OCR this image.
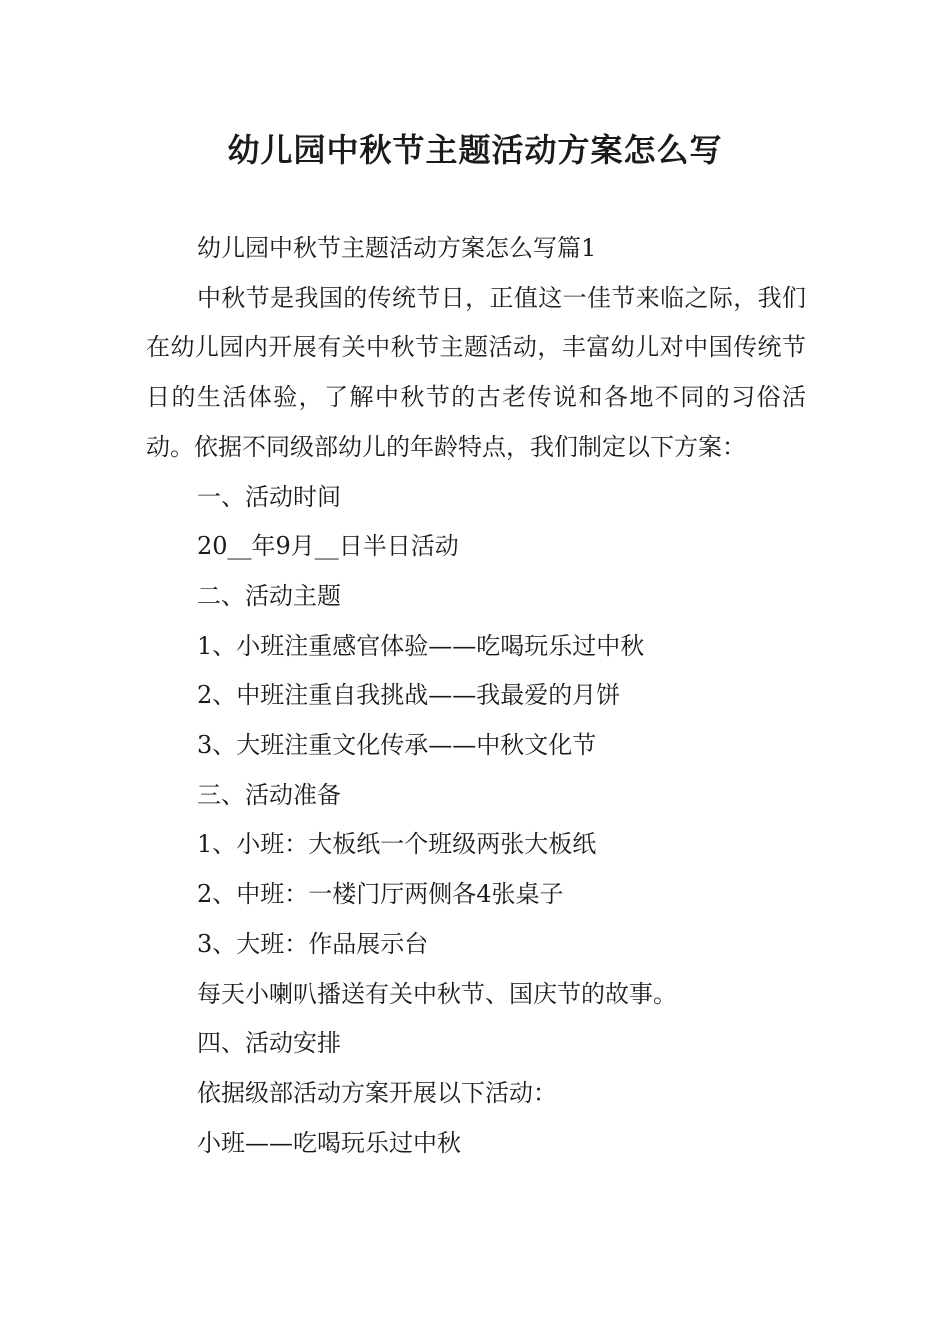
幼儿园中秋节主题活动方案怎么写

幼儿园中秋节主题活动方案怎么写篇1

中秋节是我国的传统节日，正值这一佳节来临之际，我们在幼儿园内开展有关中秋节主题活动，丰富幼儿对中国传统节日的生活体验，了解中秋节的古老传说和各地不同的习俗活动。依据不同级部幼儿的年龄特点，我们制定以下方案：

一、活动时间

20__年9月__日半日活动

二、活动主题

1、小班注重感官体验——吃喝玩乐过中秋

2、中班注重自我挑战——我最爱的月饼

3、大班注重文化传承——中秋文化节

三、活动准备

1、小班：大板纸一个班级两张大板纸

2、中班：一楼门厅两侧各4张桌子

3、大班：作品展示台

每天小喇叭播送有关中秋节、国庆节的故事。

四、活动安排

依据级部活动方案开展以下活动：

小班——吃喝玩乐过中秋
